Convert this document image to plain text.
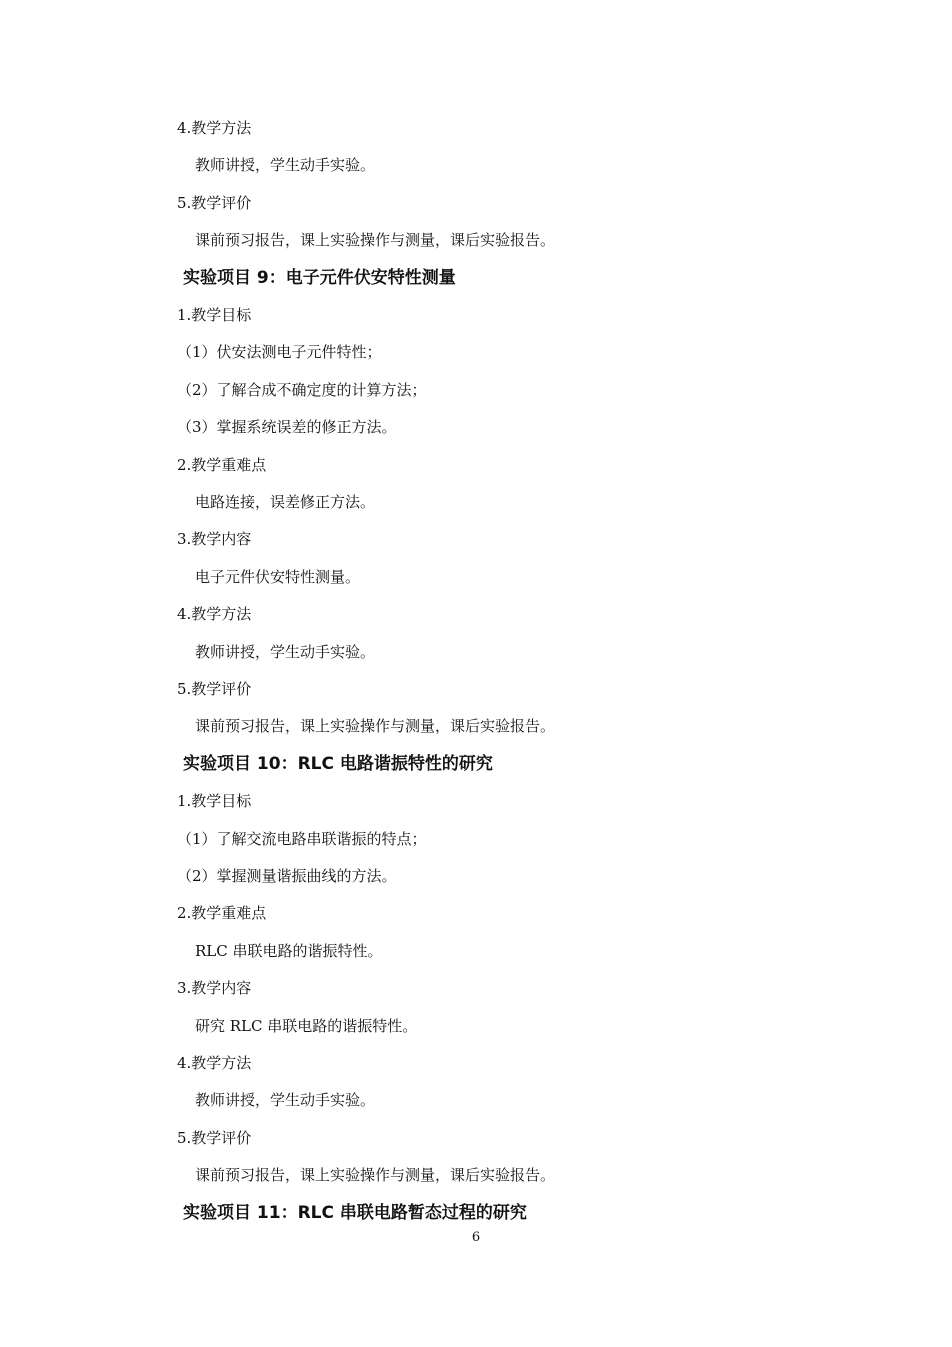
4.教学方法
教师讲授，学生动手实验。
5.教学评价
课前预习报告，课上实验操作与测量，课后实验报告。
实验项目 9：电子元件伏安特性测量
1.教学目标
（1）伏安法测电子元件特性；
（2）了解合成不确定度的计算方法；
（3）掌握系统误差的修正方法。
2.教学重难点
电路连接，误差修正方法。
3.教学内容
电子元件伏安特性测量。
4.教学方法
教师讲授，学生动手实验。
5.教学评价
课前预习报告，课上实验操作与测量，课后实验报告。
实验项目 10：RLC 电路谐振特性的研究
1.教学目标
（1）了解交流电路串联谐振的特点；
（2）掌握测量谐振曲线的方法。
2.教学重难点
RLC 串联电路的谐振特性。
3.教学内容
研究 RLC 串联电路的谐振特性。
4.教学方法
教师讲授，学生动手实验。
5.教学评价
课前预习报告，课上实验操作与测量，课后实验报告。
实验项目 11：RLC 串联电路暂态过程的研究
6
